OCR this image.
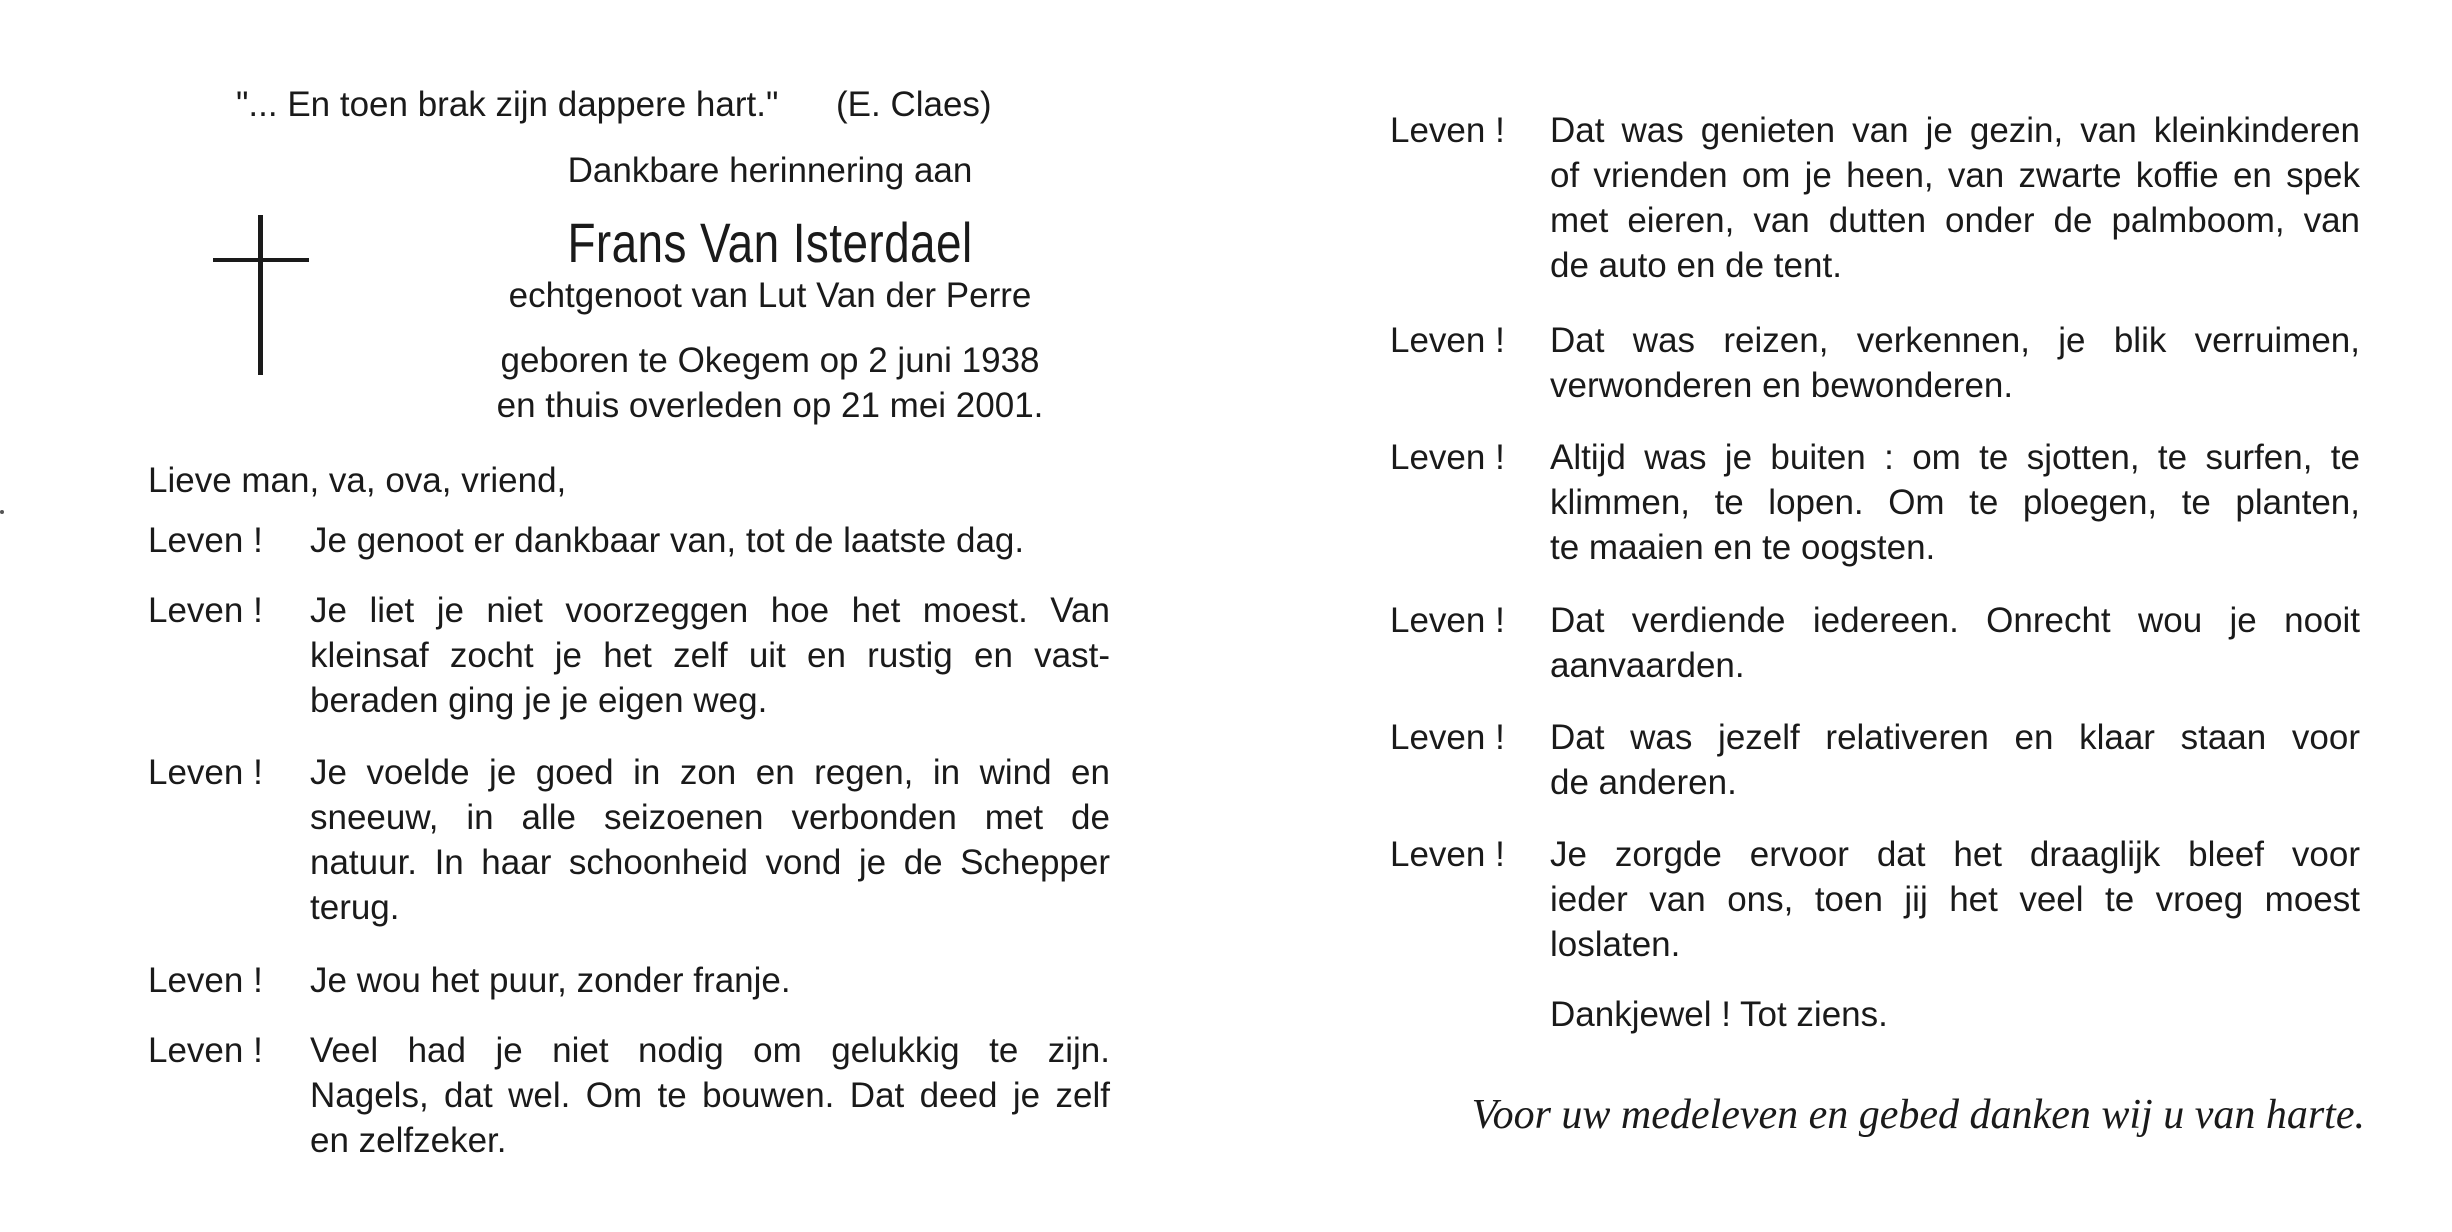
"... En toen brak zijn dappere hart." (E. Claes)
Dankbare herinnering aan
Frans Van Isterdael
echtgenoot van Lut Van der Perre
geboren te Okegem op 2 juni 1938
en thuis overleden op 21 mei 2001.
Lieve man, va, ova, vriend,
Leven ! Je genoot er dankbaar van, tot de laatste dag.
Leven ! Je liet je niet voorzeggen hoe het moest. Van
kleinsaf zocht je het zelf uit en rustig en vast-
beraden ging je je eigen weg.
Leven ! Je voelde je goed in zon en regen, in wind en
sneeuw, in alle seizoenen verbonden met de
natuur. In haar schoonheid vond je de Schepper
terug.
Leven ! Je wou het puur, zonder franje.
Leven ! Veel had je niet nodig om gelukkig te zijn.
Nagels, dat wel. Om te bouwen. Dat deed je zelf
en zelfzeker.
Leven ! Dat was genieten van je gezin, van kleinkinderen
of vrienden om je heen, van zwarte koffie en spek
met eieren, van dutten onder de palmboom, van
de auto en de tent.
Leven ! Dat was reizen, verkennen, je blik verruimen,
verwonderen en bewonderen.
Leven ! Altijd was je buiten : om te sjotten, te surfen, te
klimmen, te lopen. Om te ploegen, te planten,
te maaien en te oogsten.
Leven ! Dat verdiende iedereen. Onrecht wou je nooit
aanvaarden.
Leven ! Dat was jezelf relativeren en klaar staan voor
de anderen.
Leven ! Je zorgde ervoor dat het draaglijk bleef voor
ieder van ons, toen jij het veel te vroeg moest
loslaten.
Dankjewel ! Tot ziens.
Voor uw medeleven en gebed danken wij u van harte.
